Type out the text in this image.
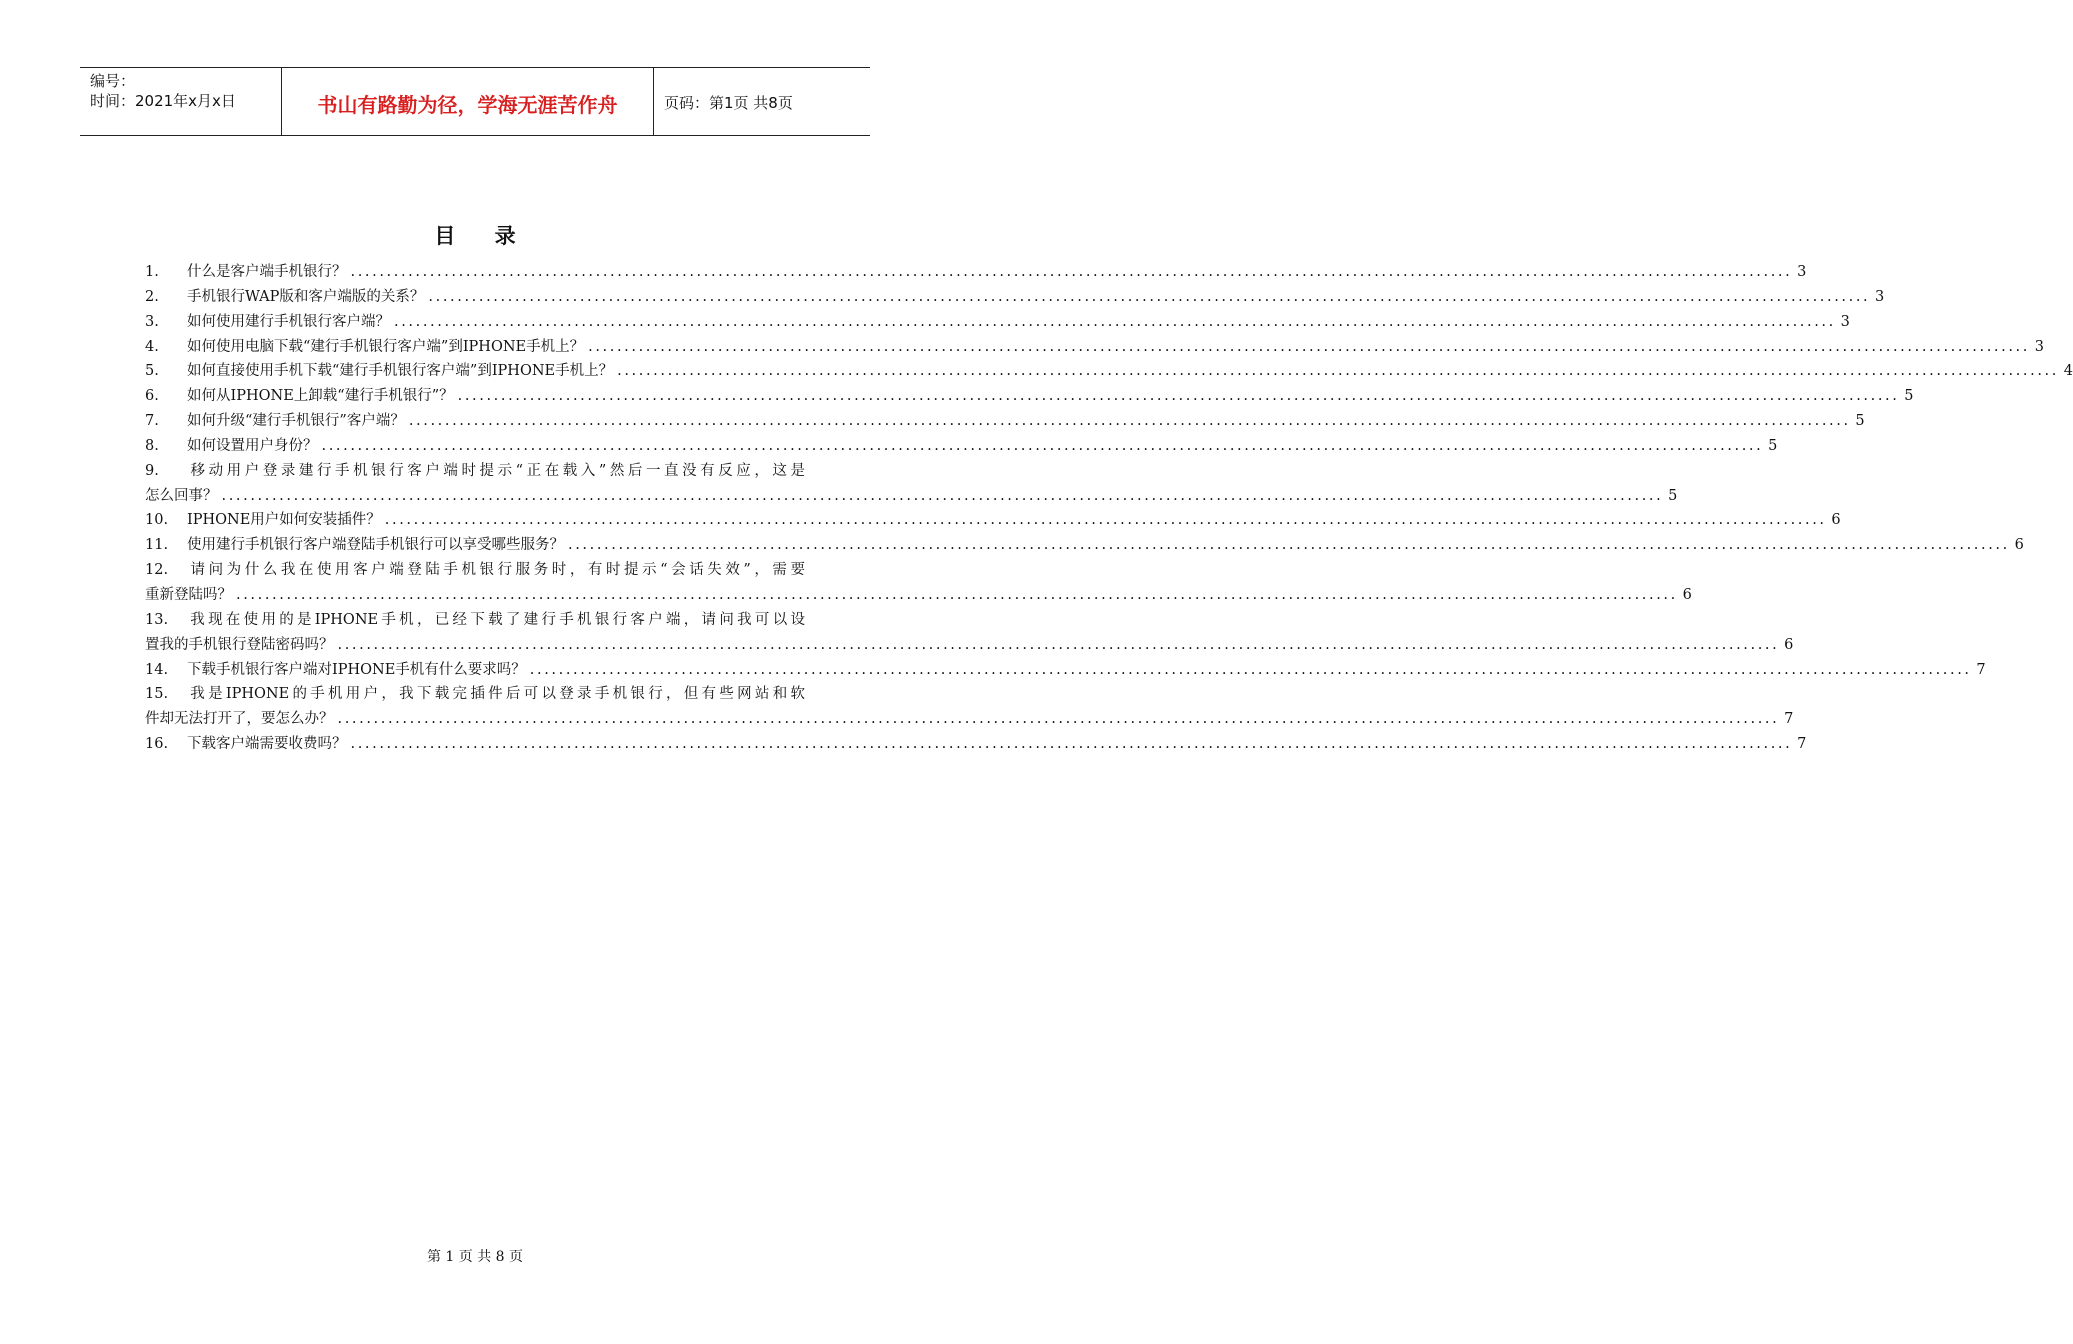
编号：
时间：2021年x月x日	书山有路勤为径，学海无涯苦作舟	页码：第1页 共8页
目 录
1.	什么是客户端手机银行？ ........................................................................................................................................................................................................ 3
2.	手机银行WAP版和客户端版的关系？ ........................................................................................................................................................................................................ 3
3.	如何使用建行手机银行客户端？ ........................................................................................................................................................................................................ 3
4.	如何使用电脑下载“建行手机银行客户端”到IPHONE手机上？ ........................................................................................................................................................................................................ 3
5.	如何直接使用手机下载“建行手机银行客户端”到IPHONE手机上？ ........................................................................................................................................................................................................ 4
6.	如何从IPHONE上卸载“建行手机银行”？ ........................................................................................................................................................................................................ 5
7.	如何升级“建行手机银行”客户端？ ........................................................................................................................................................................................................ 5
8.	如何设置用户身份？ ........................................................................................................................................................................................................ 5
9. 移动用户登录建行手机银行客户端时提示“正在载入”然后一直没有反应，这是
怎么回事？ ........................................................................................................................................................................................................ 5
10.	IPHONE用户如何安装插件？ ........................................................................................................................................................................................................ 6
11.	使用建行手机银行客户端登陆手机银行可以享受哪些服务？ ........................................................................................................................................................................................................ 6
12. 请问为什么我在使用客户端登陆手机银行服务时，有时提示“会话失效”，需要
重新登陆吗？ ........................................................................................................................................................................................................ 6
13. 我现在使用的是IPHONE手机，已经下载了建行手机银行客户端，请问我可以设
置我的手机银行登陆密码吗？ ........................................................................................................................................................................................................ 6
14.	下载手机银行客户端对IPHONE手机有什么要求吗？ ........................................................................................................................................................................................................ 7
15. 我是IPHONE的手机用户，我下载完插件后可以登录手机银行，但有些网站和软
件却无法打开了，要怎么办？ ........................................................................................................................................................................................................ 7
16.	下载客户端需要收费吗？ ........................................................................................................................................................................................................ 7
第 1 页 共 8 页
